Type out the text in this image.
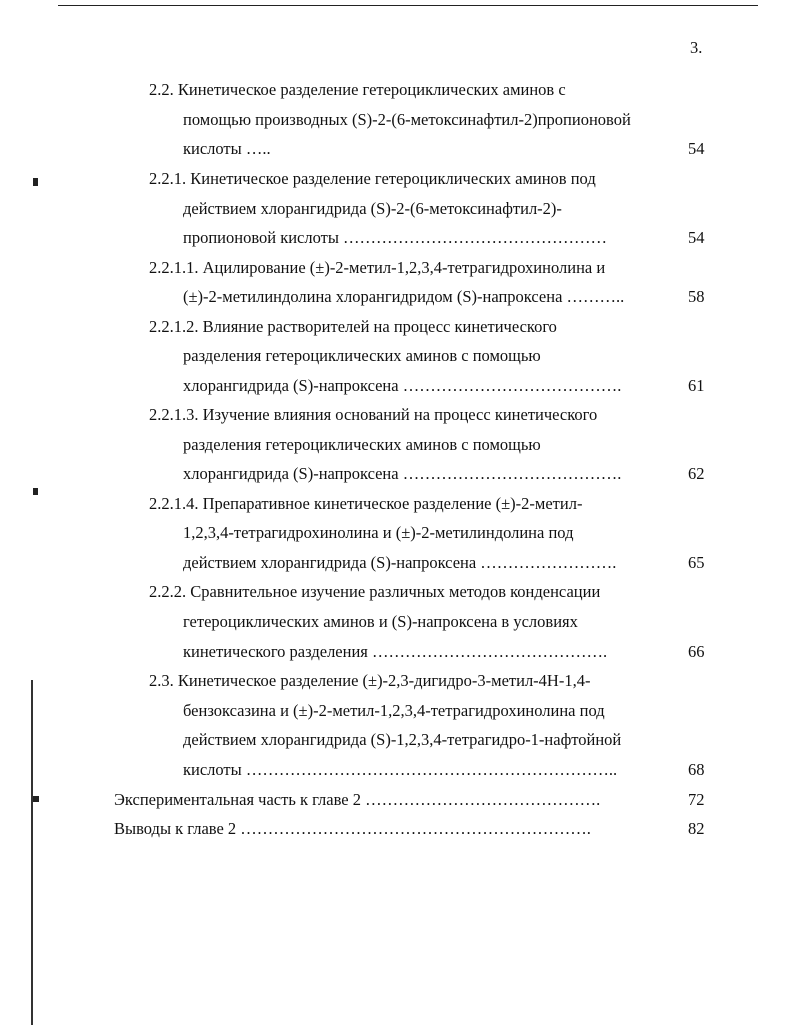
3.
2.2. Кинетическое разделение гетероциклических аминов с
помощью производных (S)-2-(6-метоксинафтил-2)пропионовой
кислоты …..	54
2.2.1. Кинетическое разделение гетероциклических аминов под
действием хлорангидрида (S)-2-(6-метоксинафтил-2)-
пропионовой кислоты …………………………………………	54
2.2.1.1. Ацилирование (±)-2-метил-1,2,3,4-тетрагидрохинолина и
(±)-2-метилиндолина хлорангидридом (S)-напроксена ………..	58
2.2.1.2. Влияние растворителей на процесс кинетического
разделения гетероциклических аминов с помощью
хлорангидрида (S)-напроксена ………………………………….	61
2.2.1.3. Изучение влияния оснований на процесс кинетического
разделения гетероциклических аминов с помощью
хлорангидрида (S)-напроксена ………………………………….	62
2.2.1.4. Препаративное кинетическое разделение (±)-2-метил-
1,2,3,4-тетрагидрохинолина и (±)-2-метилиндолина под
действием хлорангидрида (S)-напроксена …………………….	65
2.2.2. Сравнительное изучение различных методов конденсации
гетероциклических аминов и (S)-напроксена в условиях
кинетического разделения …………………………………….	66
2.3. Кинетическое разделение (±)-2,3-дигидро-3-метил-4Н-1,4-
бензоксазина и (±)-2-метил-1,2,3,4-тетрагидрохинолина под
действием хлорангидрида (S)-1,2,3,4-тетрагидро-1-нафтойной
кислоты …………………………………………………………..	68
Экспериментальная часть к главе 2 …………………………………….	72
Выводы к главе 2 ……………………………………………………….	82
